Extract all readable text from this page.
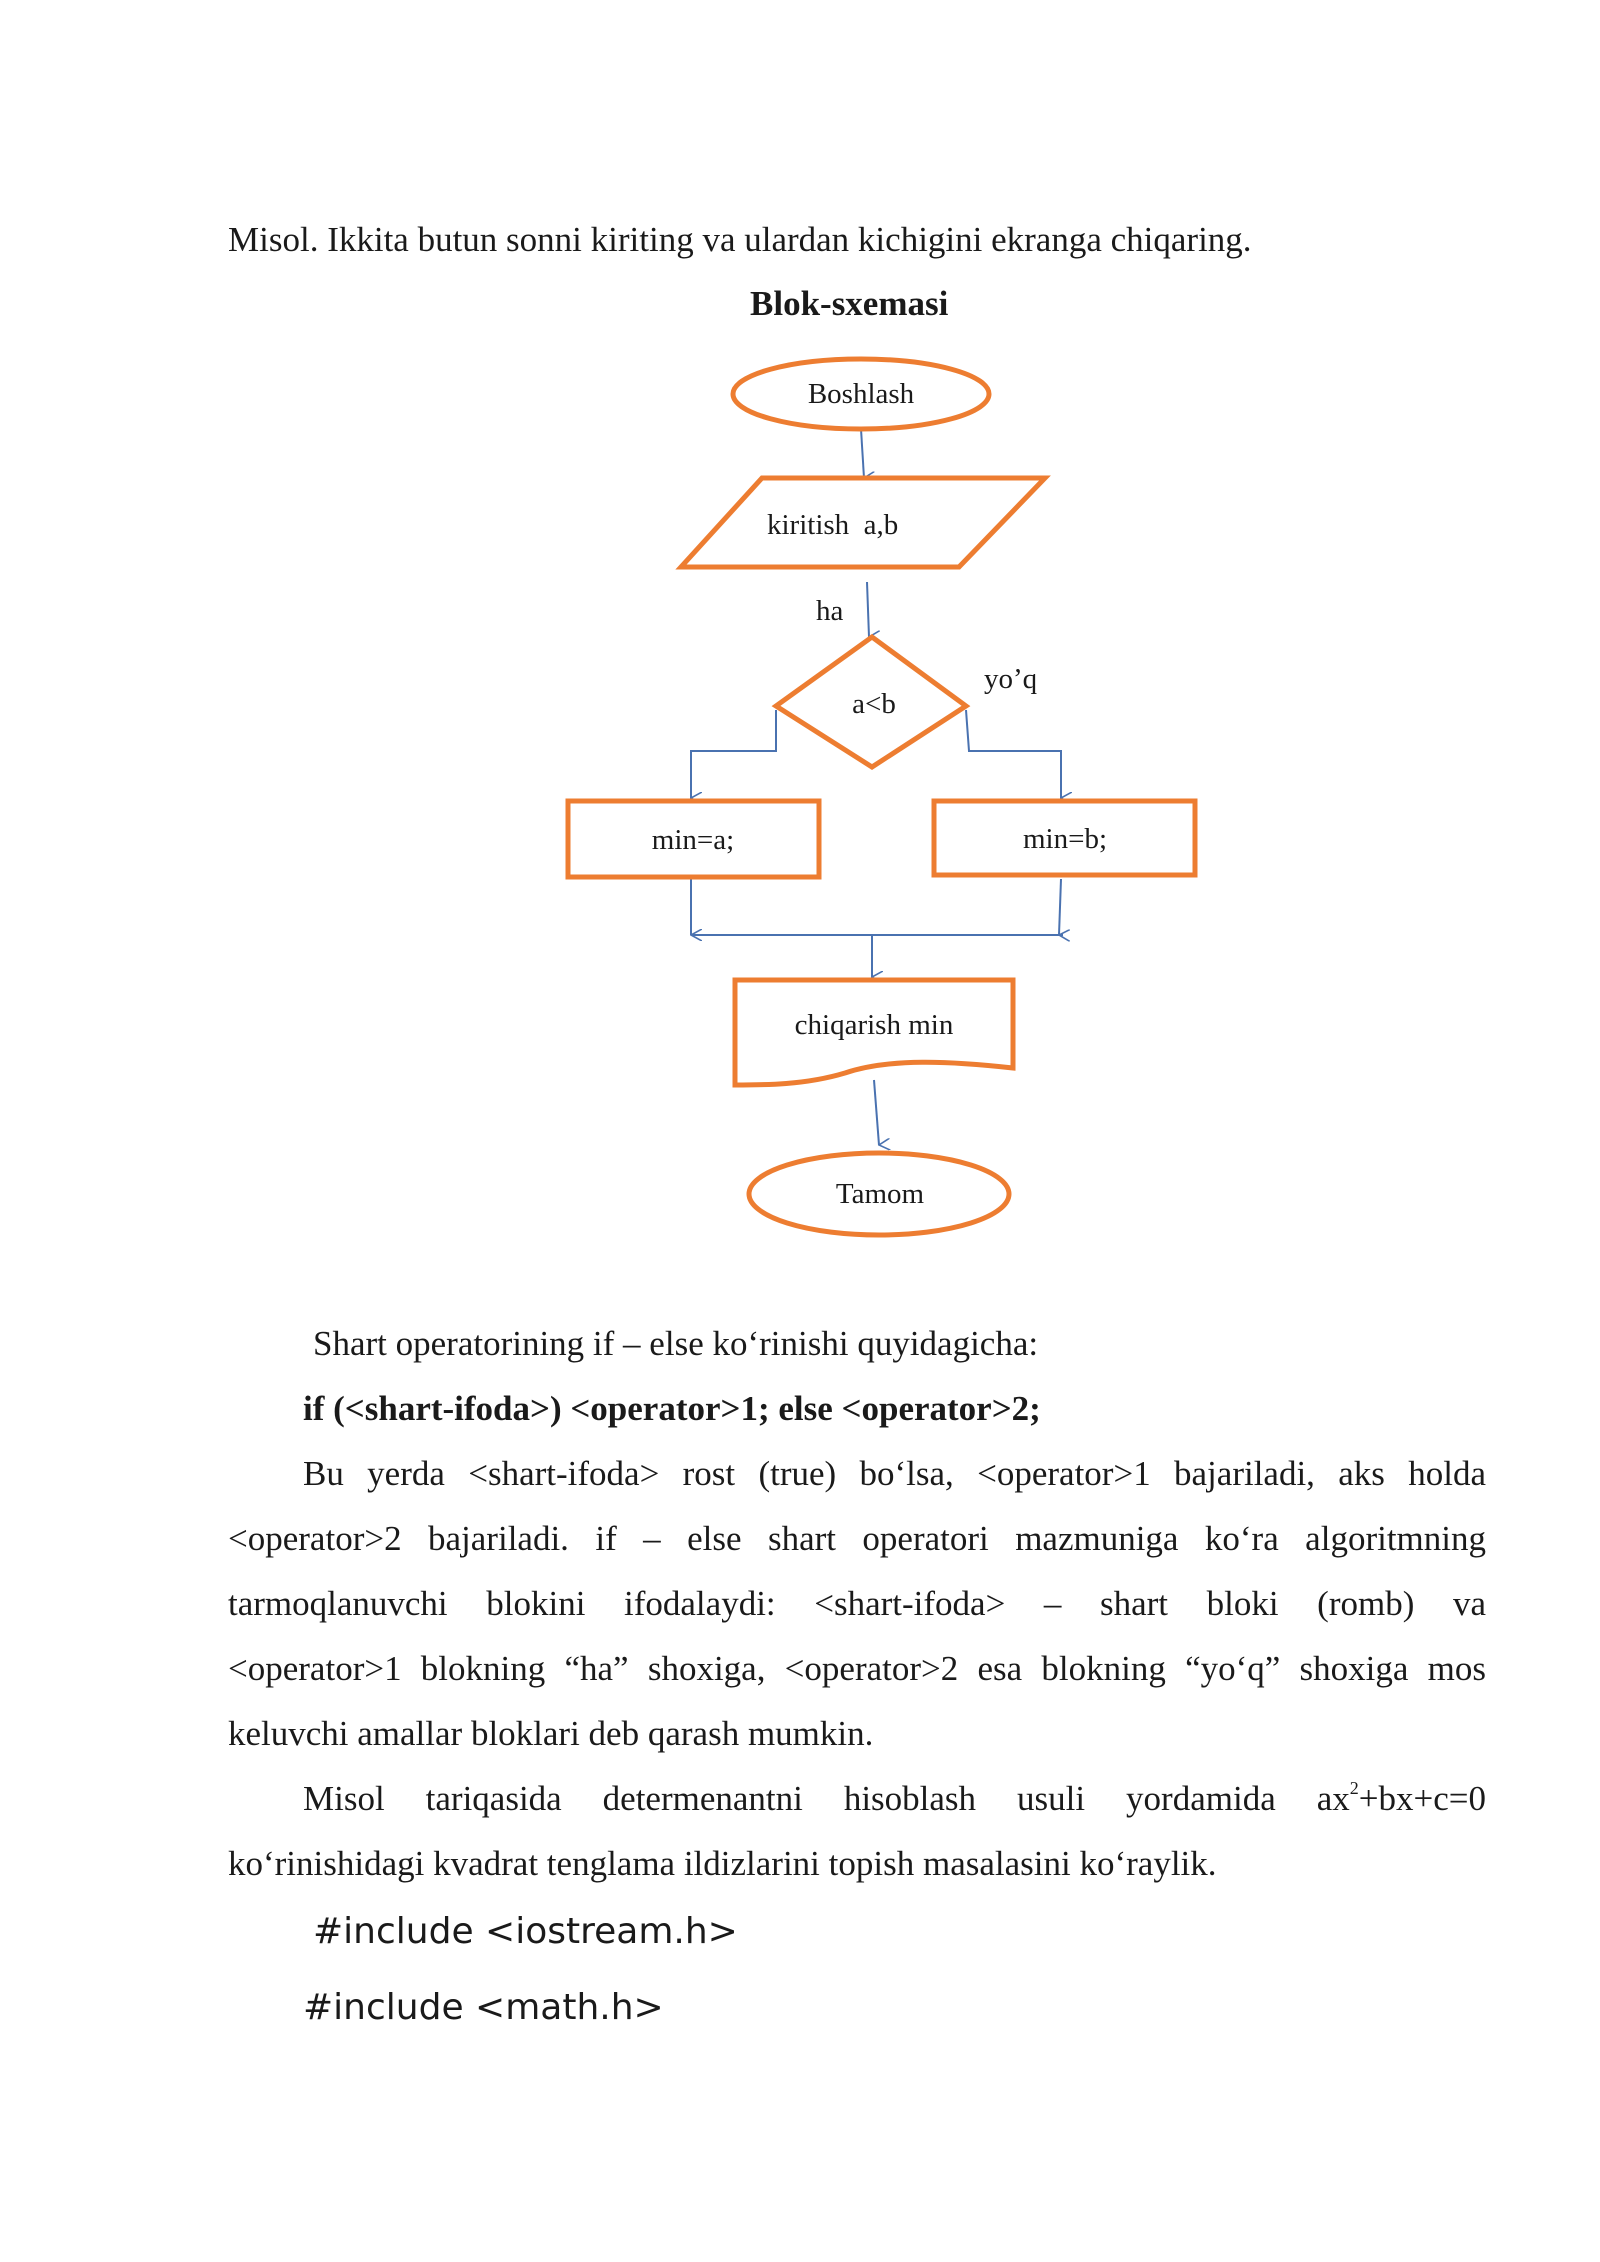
Misol. Ikkita butun sonni kiriting va ulardan kichigini ekranga chiqaring.
Blok-sxemasi
Boshlash
kiritish  a,b
ha
yo’q
a<b
min=a;	min=b;
chiqarish min
Tamom
Shart operatorining if – else ko‘rinishi quyidagicha:
if (<shart-ifoda>) <operator>1; else <operator>2;
Bu yerda <shart-ifoda> rost (true) bo‘lsa, <operator>1 bajariladi, aks holda
<operator>2 bajariladi. if – else shart operatori mazmuniga ko‘ra algoritmning
tarmoqlanuvchi blokini ifodalaydi: <shart-ifoda> – shart bloki (romb) va
<operator>1 blokning “ha” shoxiga, <operator>2 esa blokning “yo‘q” shoxiga mos
keluvchi amallar bloklari deb qarash mumkin.
Misol tariqasida determenantni hisoblash usuli yordamida $ax^2+bx+c=0$
ko‘rinishidagi kvadrat tenglama ildizlarini topish masalasini ko‘raylik.
#include <iostream.h>
#include <math.h>
